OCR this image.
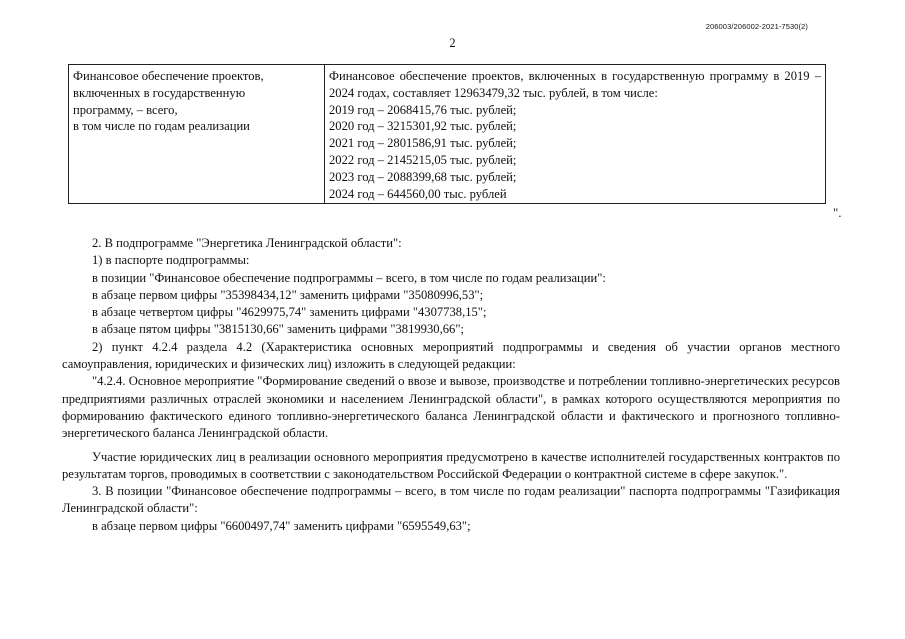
206003/206002-2021-7530(2)
2
Финансовое обеспечение проектов,
включенных в государственную
программу, – всего,
в том числе по годам реализации

Финансовое обеспечение проектов, включенных в государственную программу в 2019 – 2024 годах, составляет 12963479,32 тыс. рублей, в том числе:
2019 год – 2068415,76 тыс. рублей;
2020 год – 3215301,92 тыс. рублей;
2021 год – 2801586,91 тыс. рублей;
2022 год – 2145215,05 тыс. рублей;
2023 год – 2088399,68 тыс. рублей;
2024 год – 644560,00 тыс. рублей
".

2. В подпрограмме "Энергетика Ленинградской области":

1) в паспорте подпрограммы:

в позиции "Финансовое обеспечение подпрограммы – всего, в том числе по годам реализации":

в абзаце первом цифры "35398434,12" заменить цифрами "35080996,53";

в абзаце четвертом цифры "4629975,74" заменить цифрами "4307738,15";

в абзаце пятом цифры "3815130,66" заменить цифрами "3819930,66";

2) пункт 4.2.4 раздела 4.2 (Характеристика основных мероприятий подпрограммы и сведения об участии органов местного самоуправления, юридических и физических лиц) изложить в следующей редакции:

"4.2.4. Основное мероприятие "Формирование сведений о ввозе и вывозе, производстве и потреблении топливно-энергетических ресурсов предприятиями различных отраслей экономики и населением Ленинградской области", в рамках которого осуществляются мероприятия по формированию фактического единого топливно-энергетического баланса Ленинградской области и фактического и прогнозного топливно-энергетического баланса Ленинградской области.

Участие юридических лиц в реализации основного мероприятия предусмотрено в качестве исполнителей государственных контрактов по результатам торгов, проводимых в соответствии с законодательством Российской Федерации о контрактной системе в сфере закупок.".

3. В позиции "Финансовое обеспечение подпрограммы – всего, в том числе по годам реализации" паспорта подпрограммы "Газификация Ленинградской области":

в абзаце первом цифры "6600497,74" заменить цифрами "6595549,63";
